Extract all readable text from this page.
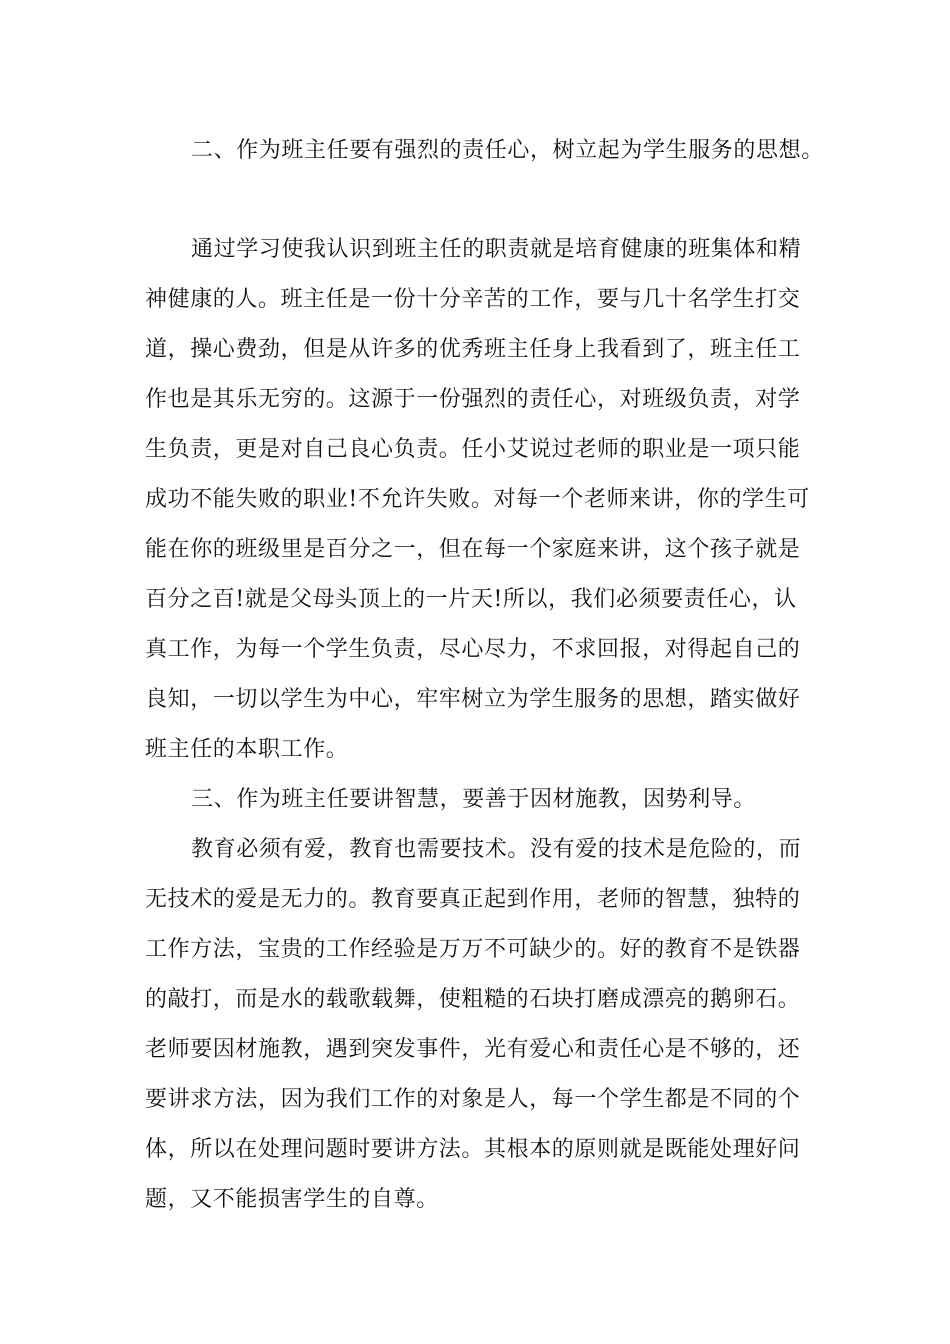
二、作为班主任要有强烈的责任心，树立起为学生服务的思想。
通过学习使我认识到班主任的职责就是培育健康的班集体和精
神健康的人。班主任是一份十分辛苦的工作，要与几十名学生打交
道，操心费劲，但是从许多的优秀班主任身上我看到了，班主任工
作也是其乐无穷的。这源于一份强烈的责任心，对班级负责，对学
生负责，更是对自己良心负责。任小艾说过老师的职业是一项只能
成功不能失败的职业!不允许失败。对每一个老师来讲，你的学生可
能在你的班级里是百分之一，但在每一个家庭来讲，这个孩子就是
百分之百!就是父母头顶上的一片天!所以，我们必须要责任心，认
真工作，为每一个学生负责，尽心尽力，不求回报，对得起自己的
良知，一切以学生为中心，牢牢树立为学生服务的思想，踏实做好
班主任的本职工作。
三、作为班主任要讲智慧，要善于因材施教，因势利导。
教育必须有爱，教育也需要技术。没有爱的技术是危险的，而
无技术的爱是无力的。教育要真正起到作用，老师的智慧，独特的
工作方法，宝贵的工作经验是万万不可缺少的。好的教育不是铁器
的敲打，而是水的载歌载舞，使粗糙的石块打磨成漂亮的鹅卵石。
老师要因材施教，遇到突发事件，光有爱心和责任心是不够的，还
要讲求方法，因为我们工作的对象是人，每一个学生都是不同的个
体，所以在处理问题时要讲方法。其根本的原则就是既能处理好问
题，又不能损害学生的自尊。
